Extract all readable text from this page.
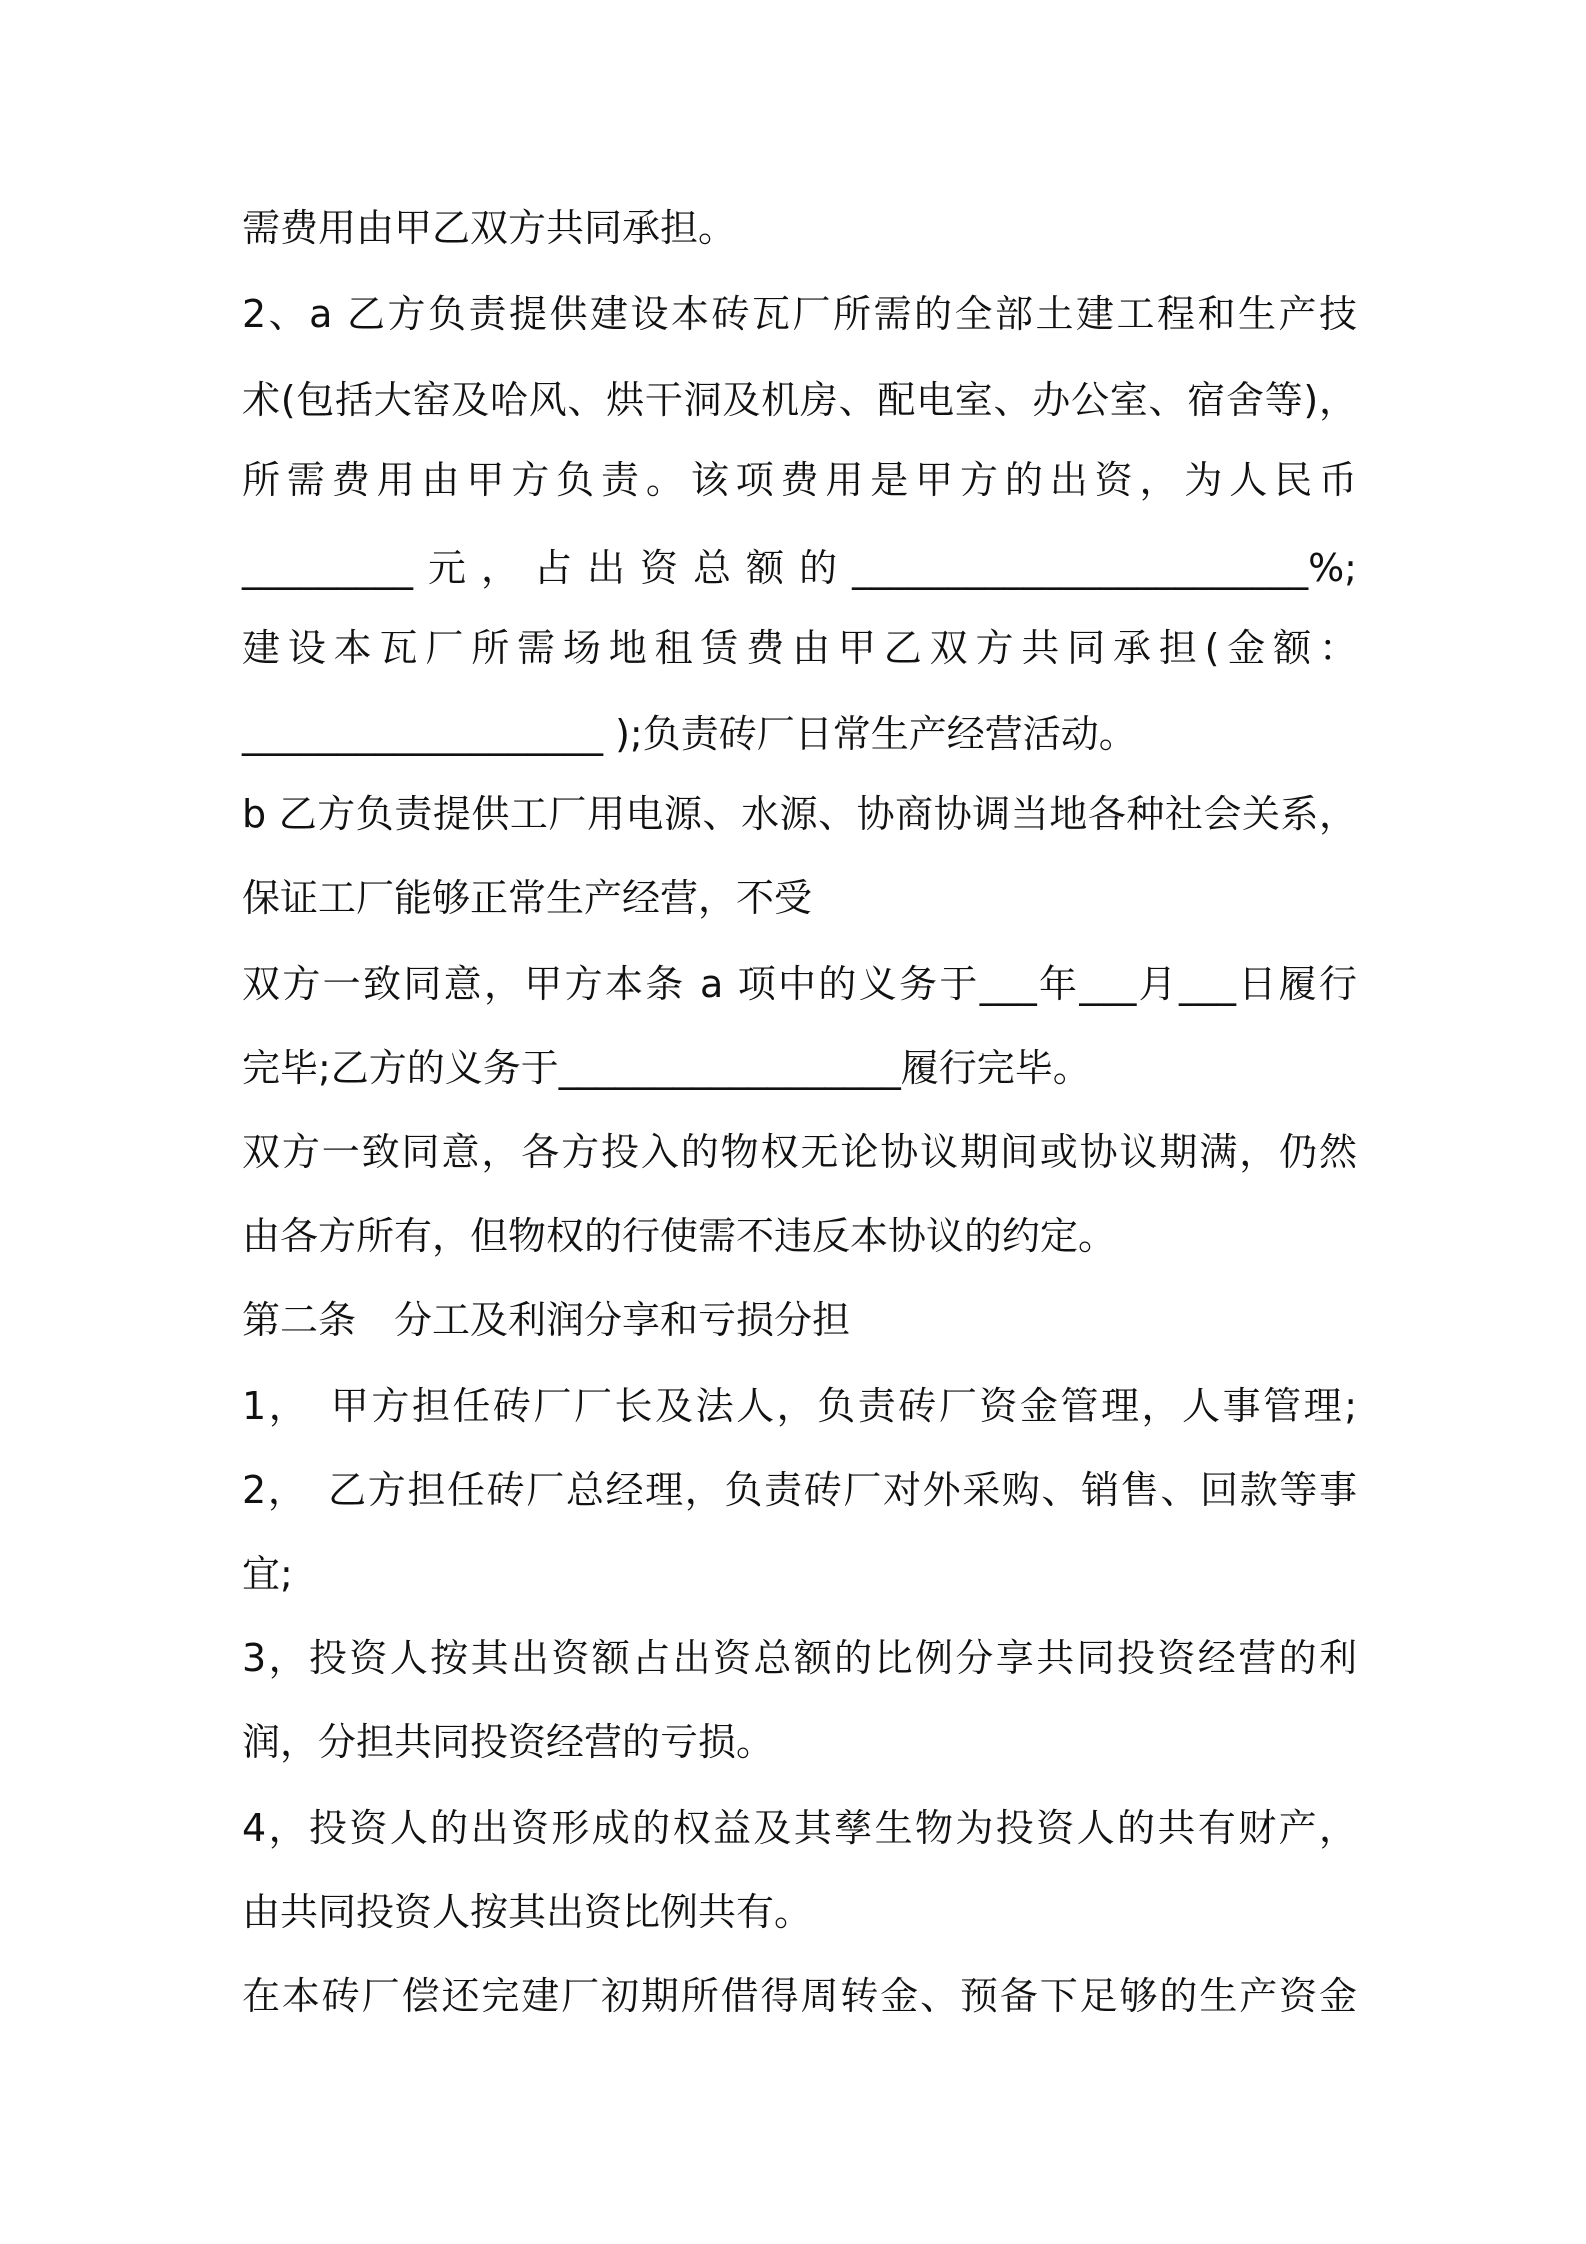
需费用由甲乙双方共同承担。
2、a 乙方负责提供建设本砖瓦厂所需的全部土建工程和生产技
术(包括大窑及哈风、烘干洞及机房、配电室、办公室、宿舍等)，
所需费用由甲方负责。该项费用是甲方的出资，为人民币
_________元，占出资总额的________________________%;
建设本瓦厂所需场地租赁费由甲乙双方共同承担(金额：
___________________ );负责砖厂日常生产经营活动。
b 乙方负责提供工厂用电源、水源、协商协调当地各种社会关系，
保证工厂能够正常生产经营，不受
双方一致同意，甲方本条 a 项中的义务于___年___月___日履行
完毕;乙方的义务于__________________履行完毕。
双方一致同意，各方投入的物权无论协议期间或协议期满，仍然
由各方所有，但物权的行使需不违反本协议的约定。
第二条　分工及利润分享和亏损分担
1，　甲方担任砖厂厂长及法人，负责砖厂资金管理，人事管理;
2，　乙方担任砖厂总经理，负责砖厂对外采购、销售、回款等事
宜;
3，投资人按其出资额占出资总额的比例分享共同投资经营的利
润，分担共同投资经营的亏损。
4，投资人的出资形成的权益及其孳生物为投资人的共有财产，
由共同投资人按其出资比例共有。
在本砖厂偿还完建厂初期所借得周转金、预备下足够的生产资金
